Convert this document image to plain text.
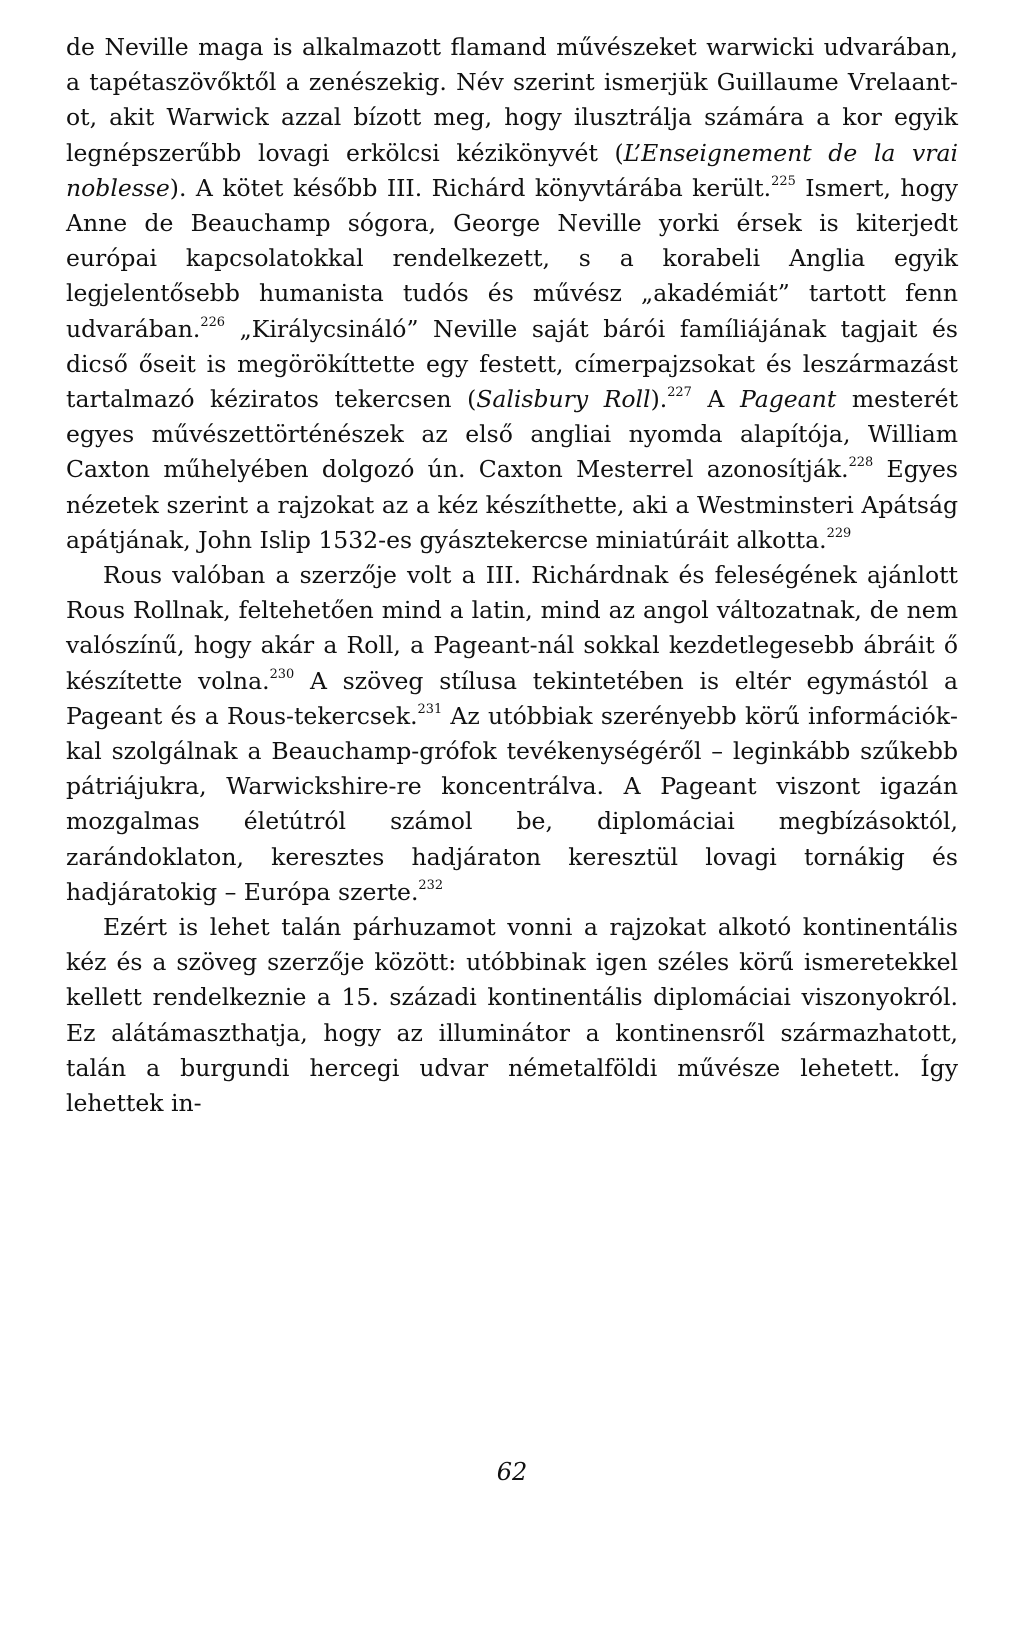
de Neville maga is alkalmazott flamand művészeket warwicki udvarában, a tapétaszövőktől a zenészekig. Név szerint ismerjük Guillaume Vrelaant-ot, akit Warwick azzal bízott meg, hogy ilusztrálja számára a kor egyik legnépszerűbb lovagi erkölcsi kézikönyvét (L’Enseignement de la vrai noblesse). A kötet később III. Richárd könyvtárába került.$^{225}$ Ismert, hogy Anne de Beauchamp sógora, George Neville yorki érsek is kiterjedt európai kapcsolatokkal rendelkezett, s a korabeli Anglia egyik legjelentősebb humanista tudós és művész „akadémiát” tartott fenn udvarában.$^{226}$ „Királycsináló” Neville saját bárói famíliájának tagjait és dicső őseit is megörökíttette egy festett, címerpajzsokat és leszármazást tartalmazó kéziratos tekercsen (Salisbury Roll).$^{227}$ A Pageant mesterét egyes művészettörténészek az első angliai nyomda alapítója, William Caxton műhelyében dolgozó ún. Caxton Mesterrel azonosítják.$^{228}$ Egyes nézetek szerint a rajzokat az a kéz készíthette, aki a Westminsteri Apátság apátjának, John Islip 1532-es gyásztekercse miniatúráit alkotta.$^{229}$

Rous valóban a szerzője volt a III. Richárdnak és feleségének ajánlott Rous Rollnak, feltehetően mind a latin, mind az angol változatnak, de nem valószínű, hogy akár a Roll, a Pageant-nál sokkal kezdetlegesebb ábráit ő készítette volna.$^{230}$ A szöveg stílusa tekintetében is eltér egymástól a Pageant és a Rous-tekercsek.$^{231}$ Az utóbbiak szerényebb körű információkkal szolgálnak a Beauchamp-grófok tevékenységéről – leginkább szűkebb pátriájukra, Warwickshire-re koncentrálva. A Pageant viszont igazán mozgalmas életútról számol be, diplomáciai megbízásoktól, zarándoklaton, keresztes hadjáraton keresztül lovagi tornákig és hadjáratokig – Európa szerte.$^{232}$

Ezért is lehet talán párhuzamot vonni a rajzokat alkotó kontinentális kéz és a szöveg szerzője között: utóbbinak igen széles körű ismeretekkel kellett rendelkeznie a 15. századi kontinentális diplomáciai viszonyokról. Ez alátámaszthatja, hogy az illuminátor a kontinensről származhatott, talán a burgundi hercegi udvar németalföldi művésze lehetett. Így lehettek in-

62
